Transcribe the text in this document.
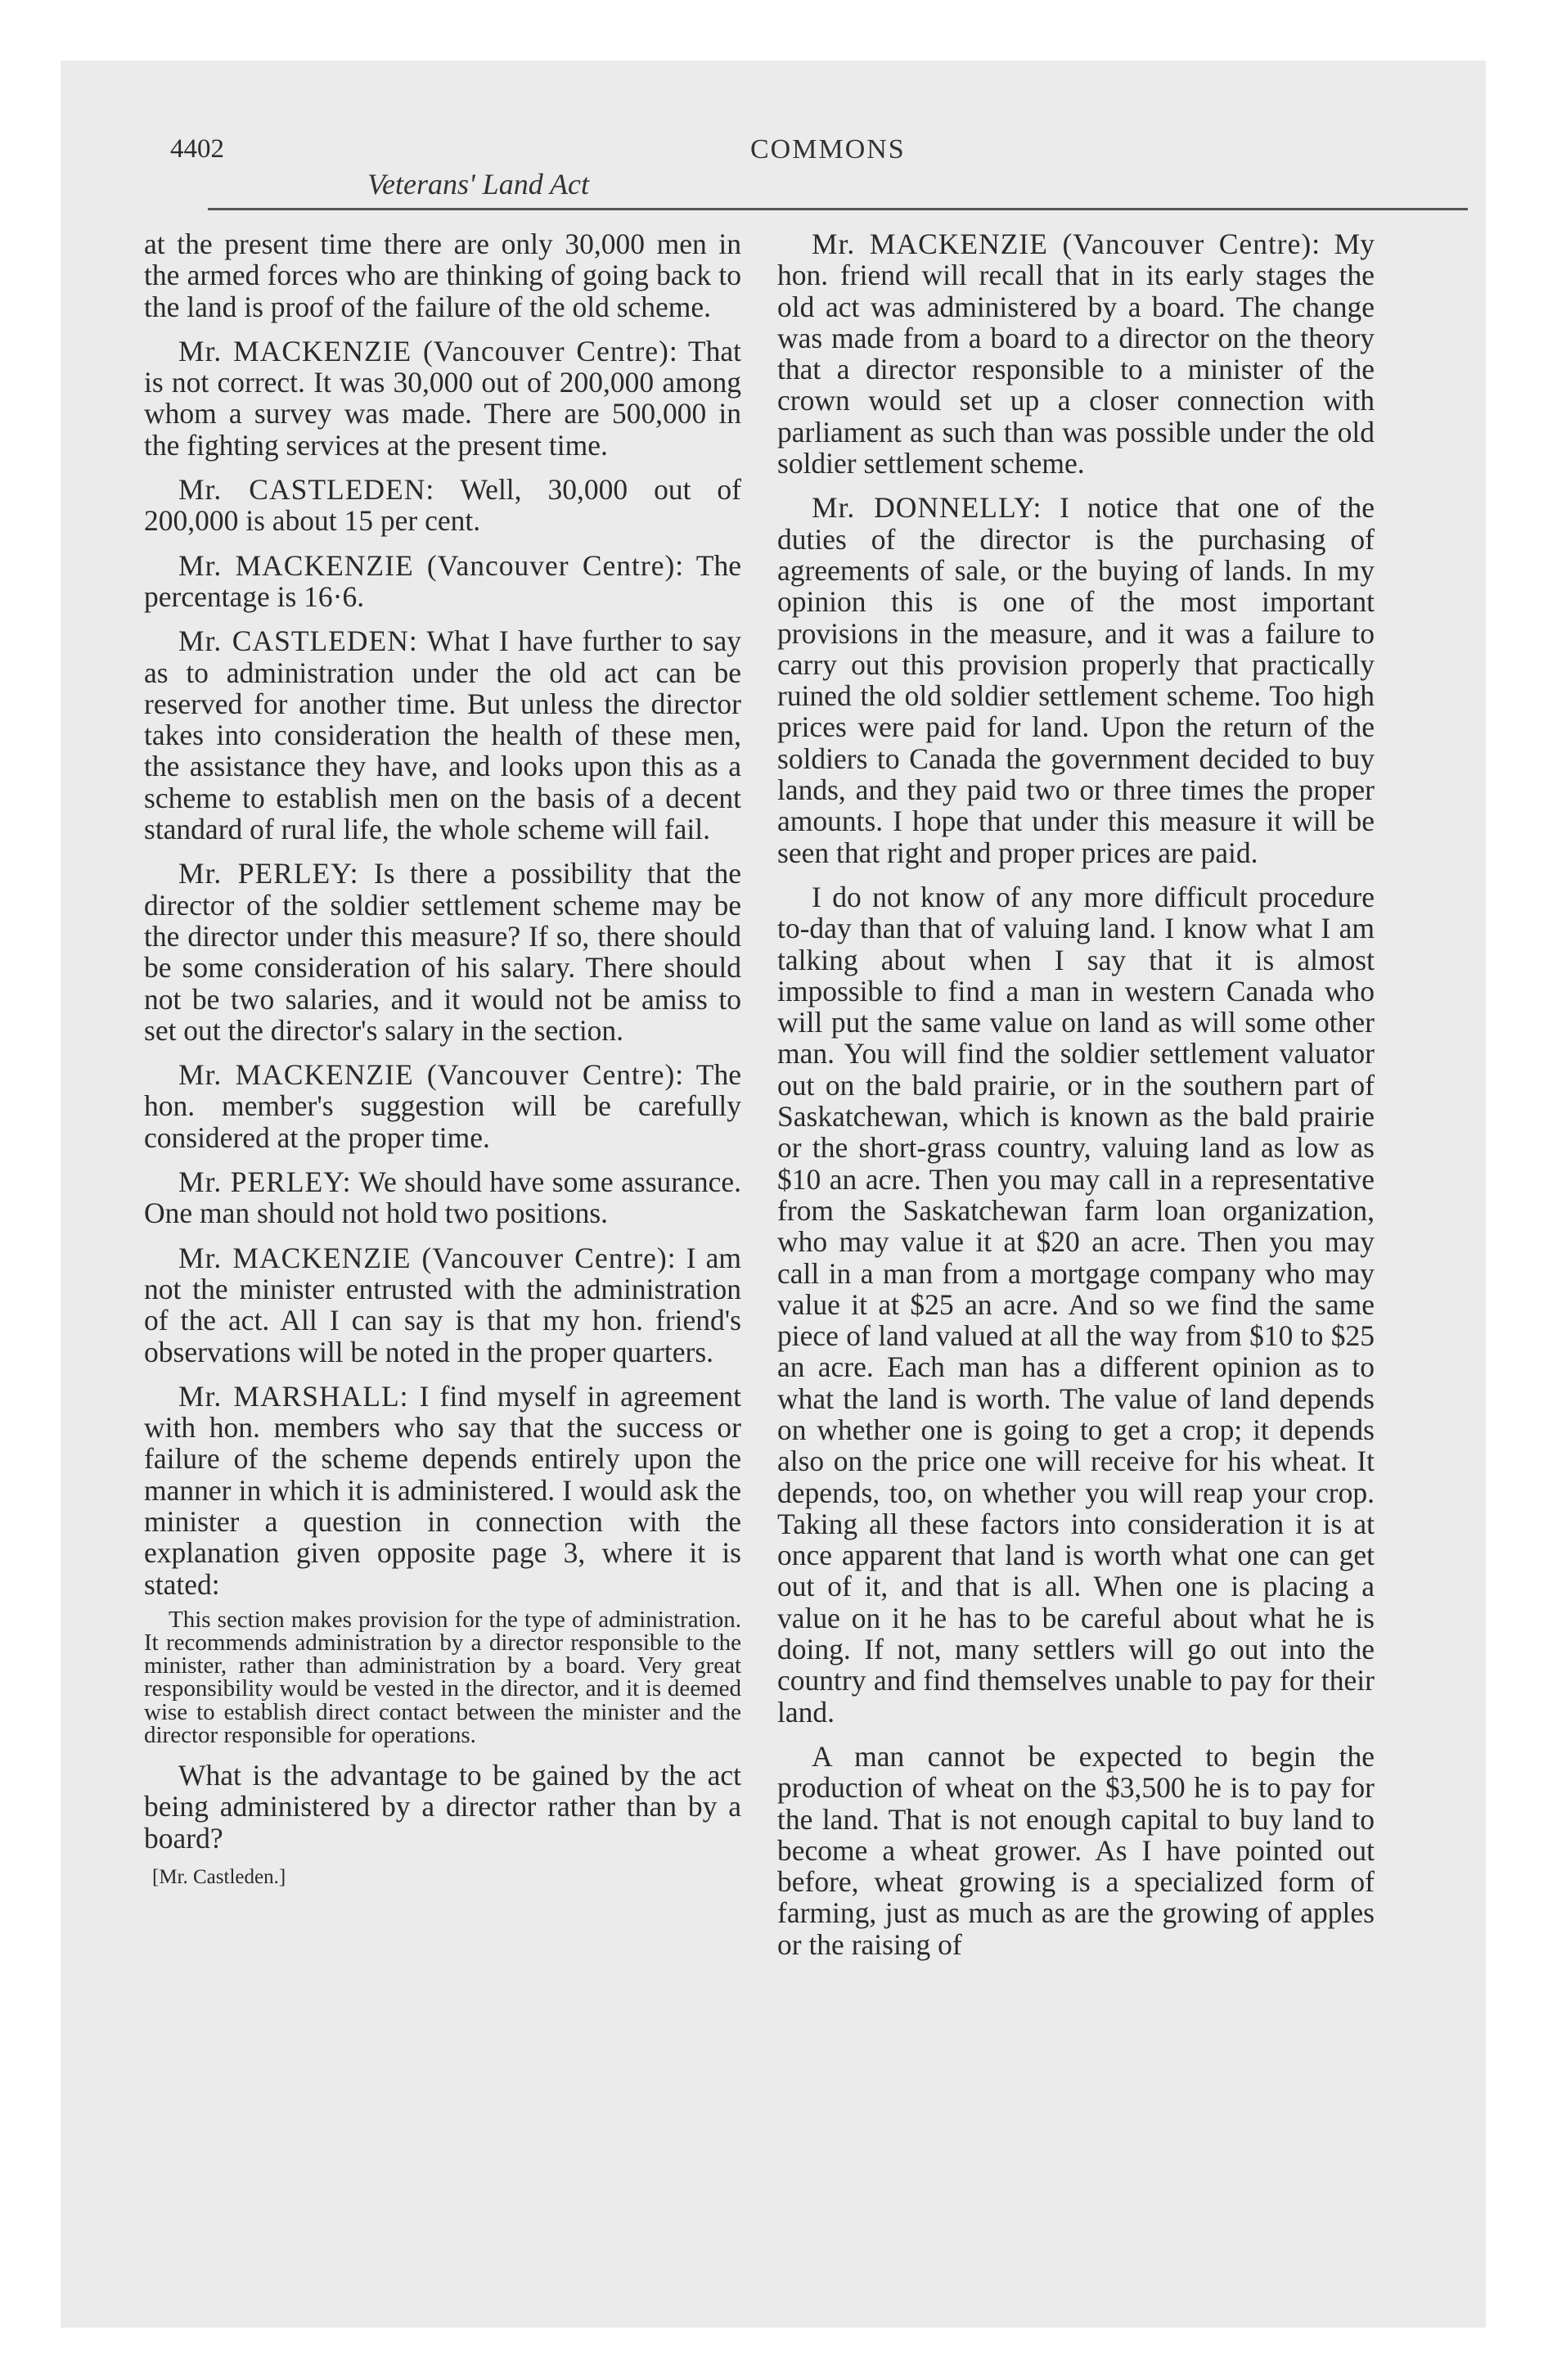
4402
Veterans' Land Act
COMMONS

at the present time there are only 30,000 men in the armed forces who are thinking of going back to the land is proof of the failure of the old scheme.

Mr. MACKENZIE (Vancouver Centre): That is not correct. It was 30,000 out of 200,000 among whom a survey was made. There are 500,000 in the fighting services at the present time.

Mr. CASTLEDEN: Well, 30,000 out of 200,000 is about 15 per cent.

Mr. MACKENZIE (Vancouver Centre): The percentage is 16·6.

Mr. CASTLEDEN: What I have further to say as to administration under the old act can be reserved for another time. But unless the director takes into consideration the health of these men, the assistance they have, and looks upon this as a scheme to establish men on the basis of a decent standard of rural life, the whole scheme will fail.

Mr. PERLEY: Is there a possibility that the director of the soldier settlement scheme may be the director under this measure? If so, there should be some consideration of his salary. There should not be two salaries, and it would not be amiss to set out the director's salary in the section.

Mr. MACKENZIE (Vancouver Centre): The hon. member's suggestion will be carefully considered at the proper time.

Mr. PERLEY: We should have some assurance. One man should not hold two positions.

Mr. MACKENZIE (Vancouver Centre): I am not the minister entrusted with the administration of the act. All I can say is that my hon. friend's observations will be noted in the proper quarters.

Mr. MARSHALL: I find myself in agreement with hon. members who say that the success or failure of the scheme depends entirely upon the manner in which it is administered. I would ask the minister a question in connection with the explanation given opposite page 3, where it is stated:

This section makes provision for the type of administration. It recommends administration by a director responsible to the minister, rather than administration by a board. Very great responsibility would be vested in the director, and it is deemed wise to establish direct contact between the minister and the director responsible for operations.

What is the advantage to be gained by the act being administered by a director rather than by a board?

[Mr. Castleden.]

Mr. MACKENZIE (Vancouver Centre): My hon. friend will recall that in its early stages the old act was administered by a board. The change was made from a board to a director on the theory that a director responsible to a minister of the crown would set up a closer connection with parliament as such than was possible under the old soldier settlement scheme.

Mr. DONNELLY: I notice that one of the duties of the director is the purchasing of agreements of sale, or the buying of lands. In my opinion this is one of the most important provisions in the measure, and it was a failure to carry out this provision properly that practically ruined the old soldier settlement scheme. Too high prices were paid for land. Upon the return of the soldiers to Canada the government decided to buy lands, and they paid two or three times the proper amounts. I hope that under this measure it will be seen that right and proper prices are paid.

I do not know of any more difficult procedure to-day than that of valuing land. I know what I am talking about when I say that it is almost impossible to find a man in western Canada who will put the same value on land as will some other man. You will find the soldier settlement valuator out on the bald prairie, or in the southern part of Saskatchewan, which is known as the bald prairie or the short-grass country, valuing land as low as $10 an acre. Then you may call in a representative from the Saskatchewan farm loan organization, who may value it at $20 an acre. Then you may call in a man from a mortgage company who may value it at $25 an acre. And so we find the same piece of land valued at all the way from $10 to $25 an acre. Each man has a different opinion as to what the land is worth. The value of land depends on whether one is going to get a crop; it depends also on the price one will receive for his wheat. It depends, too, on whether you will reap your crop. Taking all these factors into consideration it is at once apparent that land is worth what one can get out of it, and that is all. When one is placing a value on it he has to be careful about what he is doing. If not, many settlers will go out into the country and find themselves unable to pay for their land.

A man cannot be expected to begin the production of wheat on the $3,500 he is to pay for the land. That is not enough capital to buy land to become a wheat grower. As I have pointed out before, wheat growing is a specialized form of farming, just as much as are the growing of apples or the raising of
